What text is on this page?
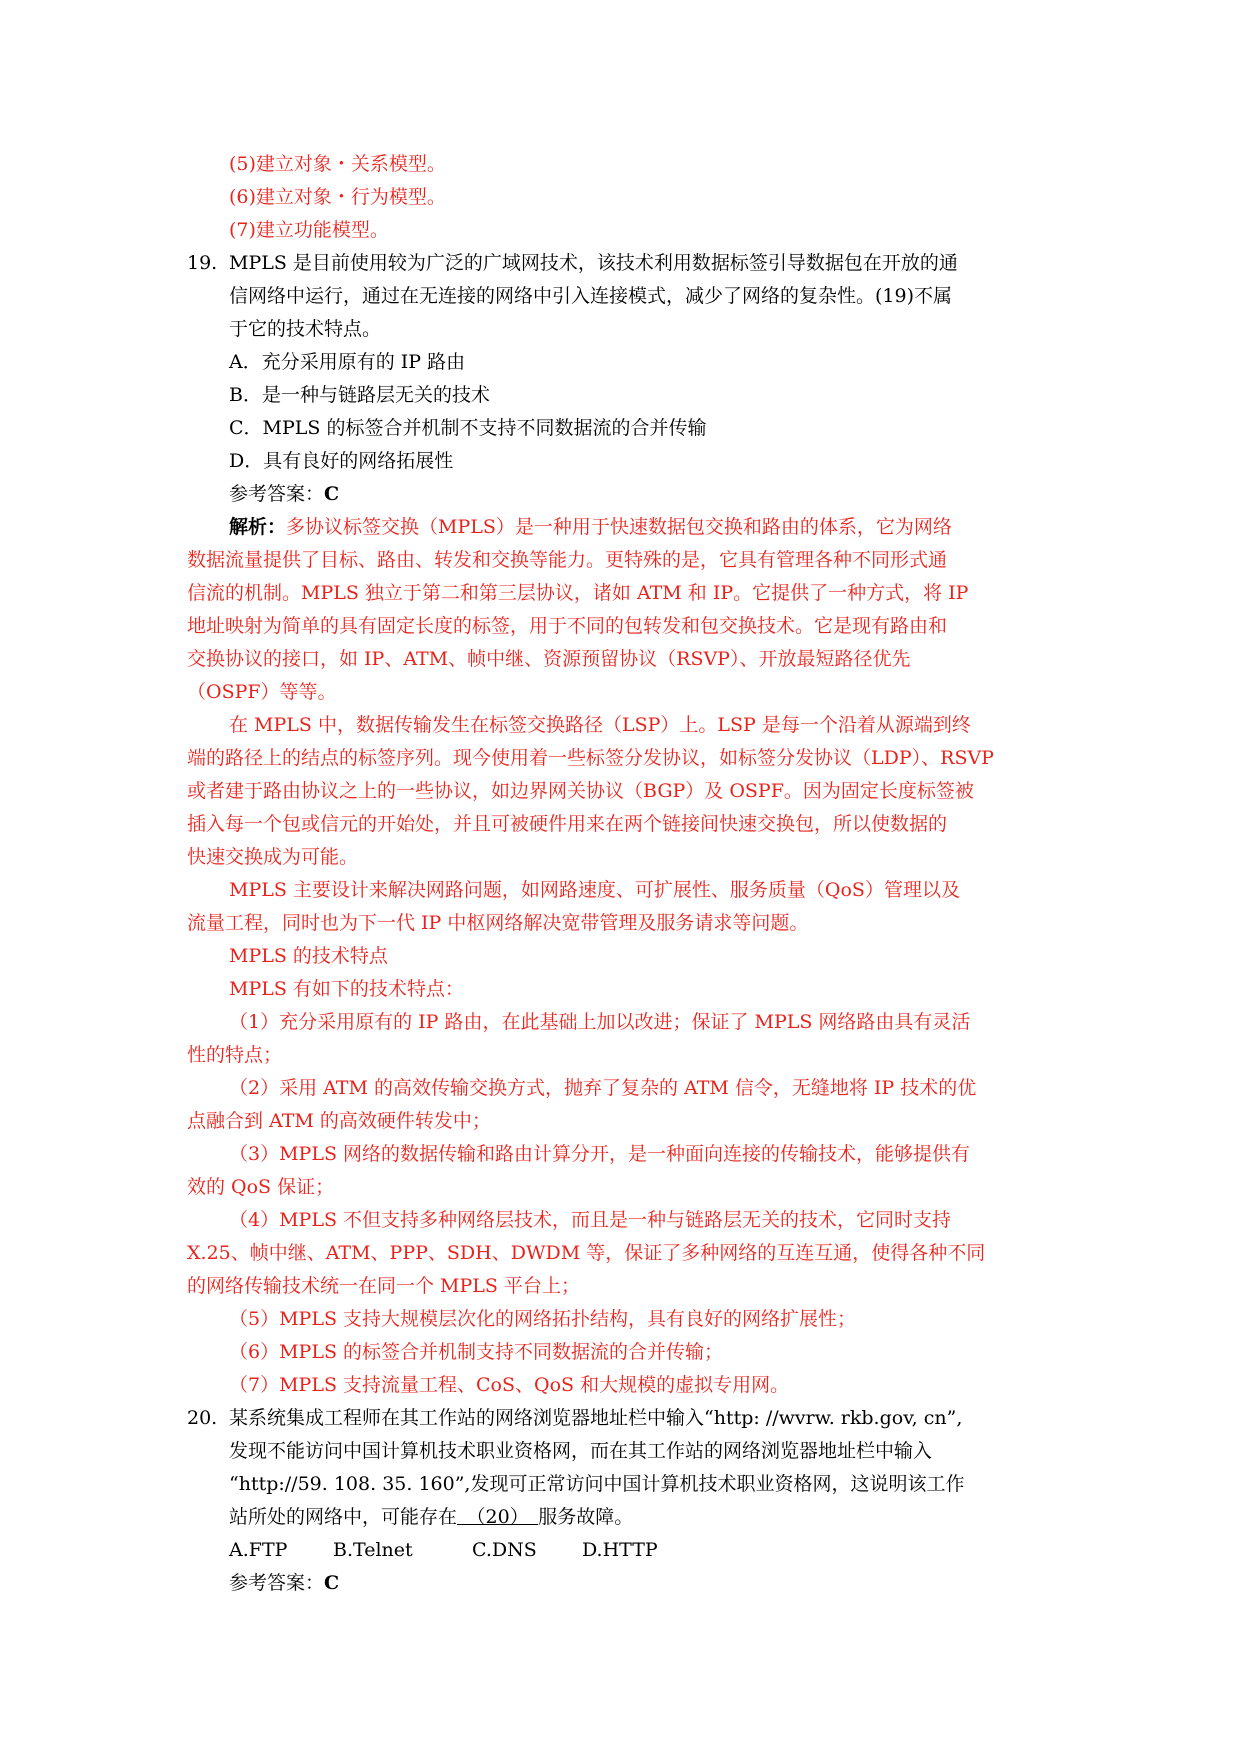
(5)建立对象・关系模型。
(6)建立对象・行为模型。
(7)建立功能模型。
19. MPLS 是目前使用较为广泛的广域网技术，该技术利用数据标签引导数据包在开放的通
信网络中运行，通过在无连接的网络中引入连接模式，减少了网络的复杂性。(19)不属
于它的技术特点。
A．充分采用原有的 IP 路由
B．是一种与链路层无关的技术
C．MPLS 的标签合并机制不支持不同数据流的合并传输
D．具有良好的网络拓展性
参考答案：C
解析：多协议标签交换（MPLS）是一种用于快速数据包交换和路由的体系，它为网络
数据流量提供了目标、路由、转发和交换等能力。更特殊的是，它具有管理各种不同形式通
信流的机制。MPLS 独立于第二和第三层协议，诸如 ATM 和 IP。它提供了一种方式，将 IP
地址映射为简单的具有固定长度的标签，用于不同的包转发和包交换技术。它是现有路由和
交换协议的接口，如 IP、ATM、帧中继、资源预留协议（RSVP）、开放最短路径优先
（OSPF）等等。
在 MPLS 中，数据传输发生在标签交换路径（LSP）上。LSP 是每一个沿着从源端到终
端的路径上的结点的标签序列。现今使用着一些标签分发协议，如标签分发协议（LDP）、RSVP
或者建于路由协议之上的一些协议，如边界网关协议（BGP）及 OSPF。因为固定长度标签被
插入每一个包或信元的开始处，并且可被硬件用来在两个链接间快速交换包，所以使数据的
快速交换成为可能。
MPLS 主要设计来解决网路问题，如网路速度、可扩展性、服务质量（QoS）管理以及
流量工程，同时也为下一代 IP 中枢网络解决宽带管理及服务请求等问题。
MPLS 的技术特点
MPLS 有如下的技术特点：
（1）充分采用原有的 IP 路由，在此基础上加以改进；保证了 MPLS 网络路由具有灵活
性的特点；
（2）采用 ATM 的高效传输交换方式，抛弃了复杂的 ATM 信令，无缝地将 IP 技术的优
点融合到 ATM 的高效硬件转发中；
（3）MPLS 网络的数据传输和路由计算分开，是一种面向连接的传输技术，能够提供有
效的 QoS 保证；
（4）MPLS 不但支持多种网络层技术，而且是一种与链路层无关的技术，它同时支持
X.25、帧中继、ATM、PPP、SDH、DWDM 等，保证了多种网络的互连互通，使得各种不同
的网络传输技术统一在同一个 MPLS 平台上；
（5）MPLS 支持大规模层次化的网络拓扑结构，具有良好的网络扩展性；
（6）MPLS 的标签合并机制支持不同数据流的合并传输；
（7）MPLS 支持流量工程、CoS、QoS 和大规模的虚拟专用网。
20. 某系统集成工程师在其工作站的网络浏览器地址栏中输入“http: //wvrw. rkb.gov, cn”,
发现不能访问中国计算机技术职业资格网，而在其工作站的网络浏览器地址栏中输入
“http://59. 108. 35. 160”,发现可正常访问中国计算机技术职业资格网，这说明该工作
站所处的网络中，可能存在　（20）　服务故障。
A.FTP B.Telnet	C.DNS D.HTTP
参考答案：C
